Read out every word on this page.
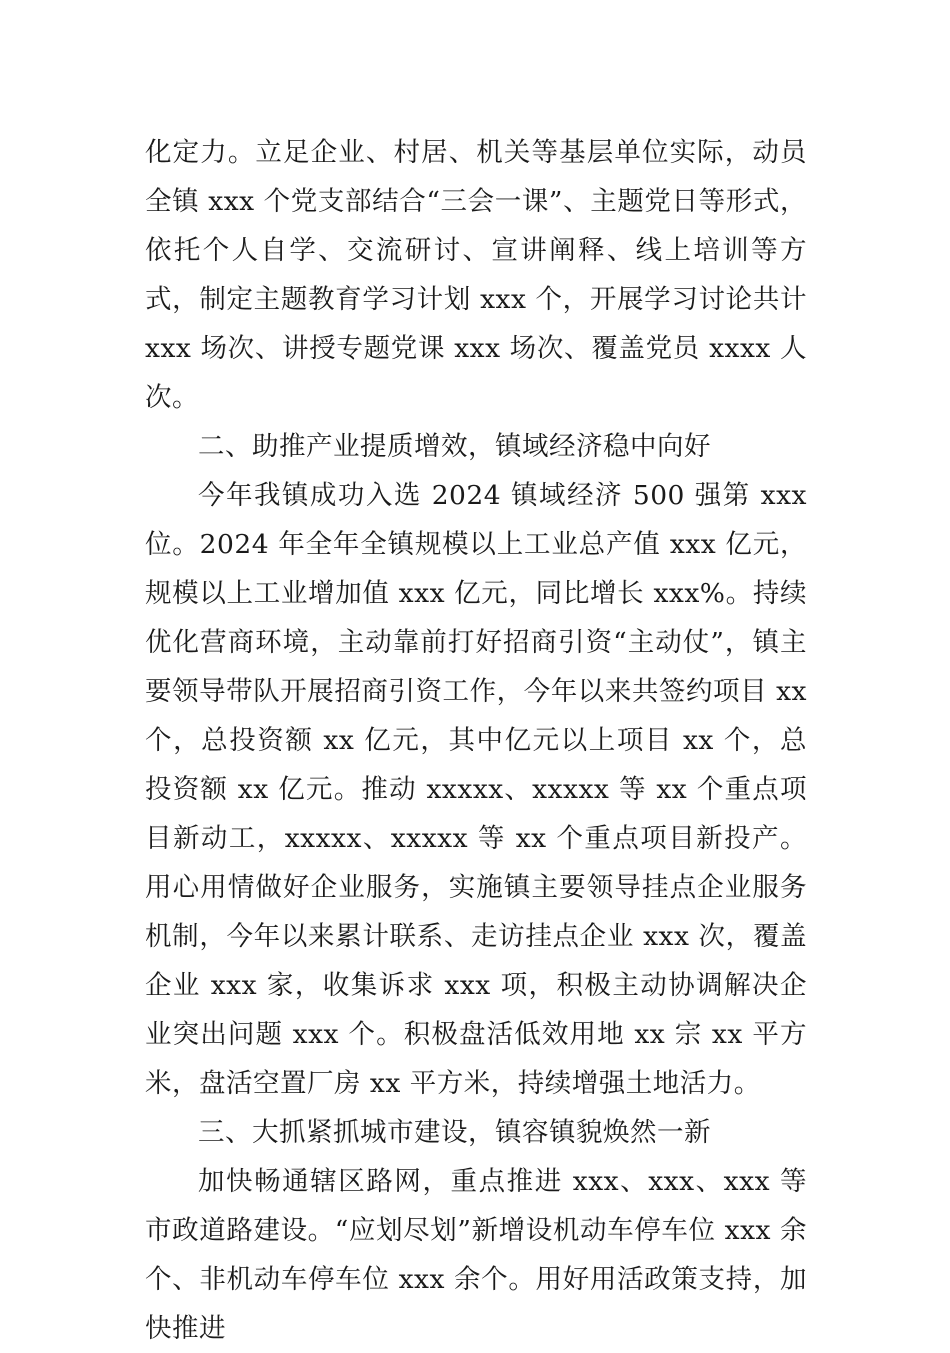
化定力。立足企业、村居、机关等基层单位实际，动员全镇 xxx 个党支部结合“三会一课”、主题党日等形式，依托个人自学、交流研讨、宣讲阐释、线上培训等方式，制定主题教育学习计划 xxx 个，开展学习讨论共计 xxx 场次、讲授专题党课 xxx 场次、覆盖党员 xxxx 人次。

二、助推产业提质增效，镇域经济稳中向好

今年我镇成功入选 2024 镇域经济 500 强第 xxx 位。2024 年全年全镇规模以上工业总产值 xxx 亿元，规模以上工业增加值 xxx 亿元，同比增长 xxx%。持续优化营商环境，主动靠前打好招商引资“主动仗”，镇主要领导带队开展招商引资工作，今年以来共签约项目 xx 个，总投资额 xx 亿元，其中亿元以上项目 xx 个，总投资额 xx 亿元。推动 xxxxx、xxxxx 等 xx 个重点项目新动工，xxxxx、xxxxx 等 xx 个重点项目新投产。用心用情做好企业服务，实施镇主要领导挂点企业服务机制，今年以来累计联系、走访挂点企业 xxx 次，覆盖企业 xxx 家，收集诉求 xxx 项，积极主动协调解决企业突出问题 xxx 个。积极盘活低效用地 xx 宗 xx 平方米，盘活空置厂房 xx 平方米，持续增强土地活力。

三、大抓紧抓城市建设，镇容镇貌焕然一新

加快畅通辖区路网，重点推进 xxx、xxx、xxx 等市政道路建设。“应划尽划”新增设机动车停车位 xxx 余个、非机动车停车位 xxx 余个。用好用活政策支持，加快推进
